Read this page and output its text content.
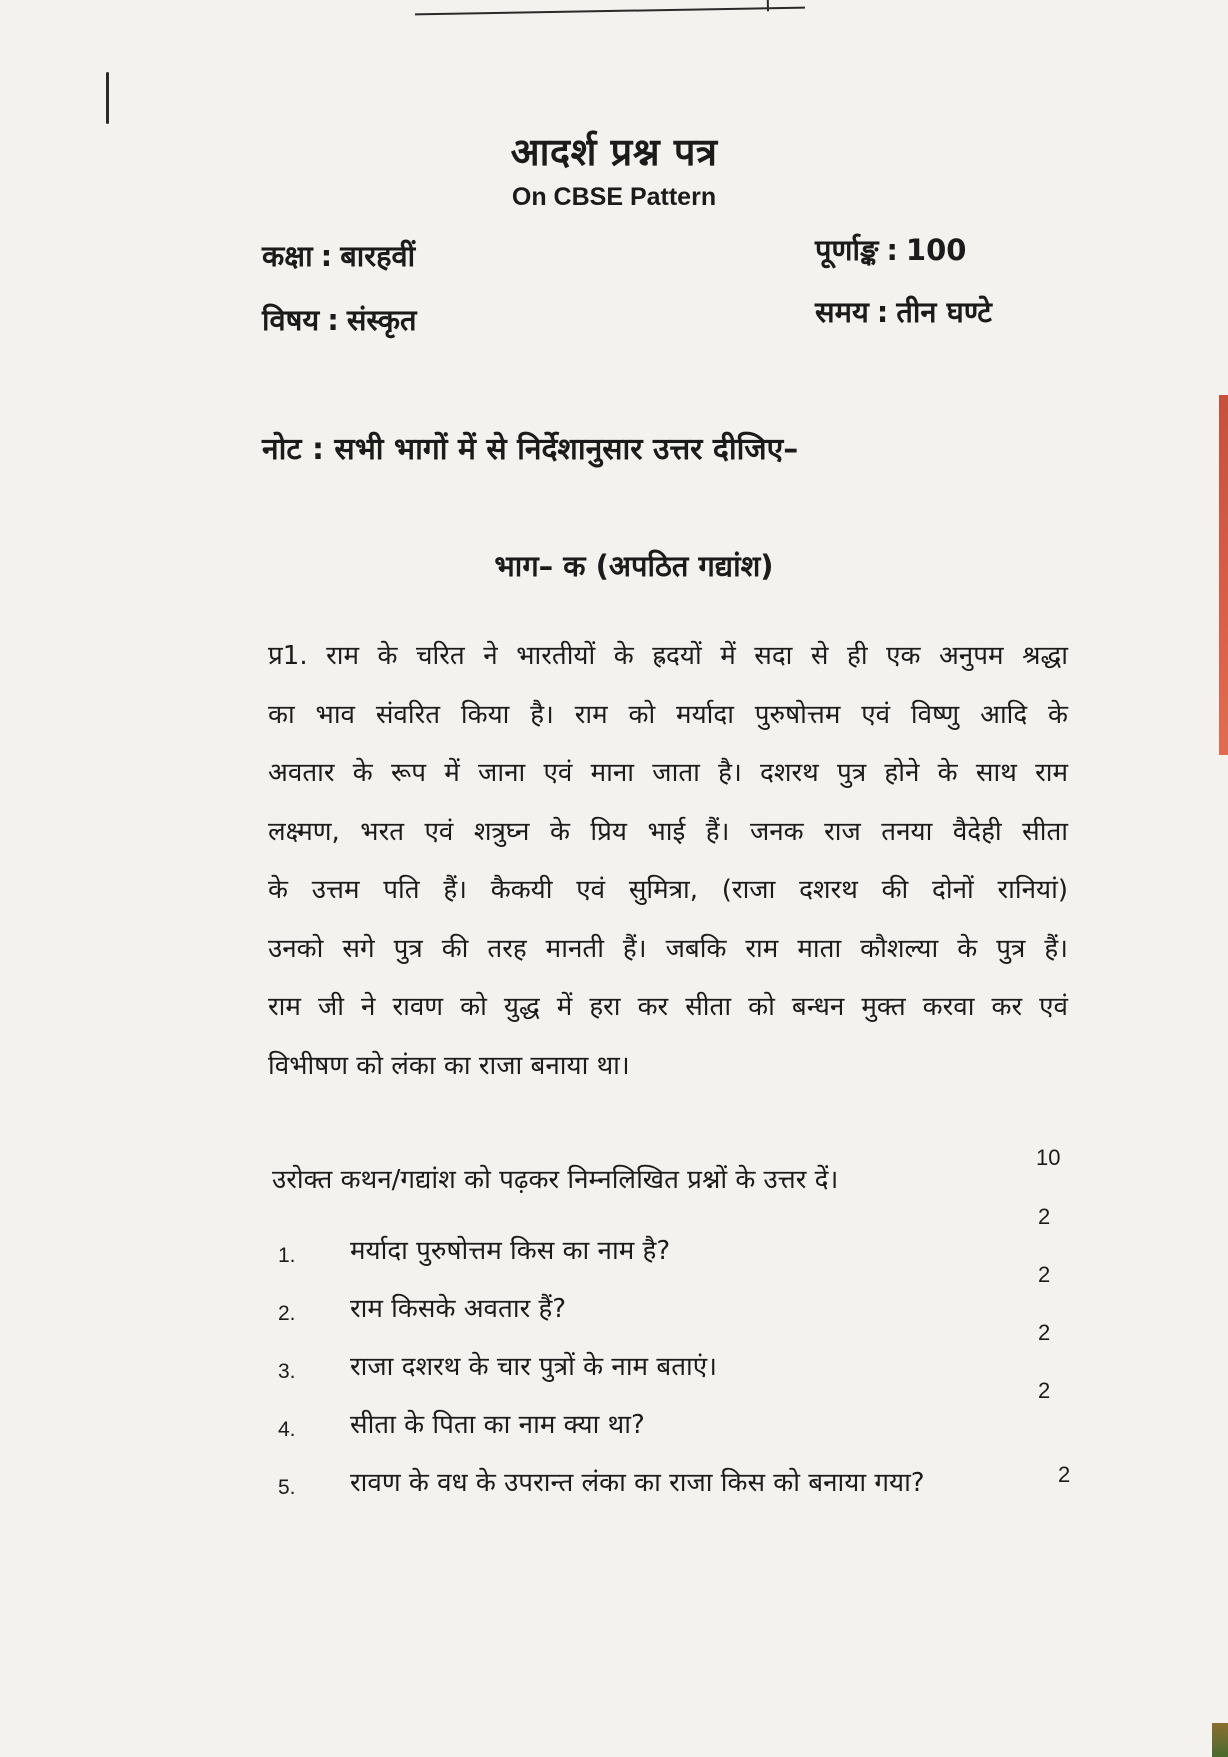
आदर्श प्रश्न पत्र
On CBSE Pattern
कक्षा : बारहवीं
विषय : संस्कृत
पूर्णाङ्क : 100
समय : तीन घण्टे
नोट : सभी भागों में से निर्देशानुसार उत्तर दीजिए–
भाग– क (अपठित गद्यांश)
प्र1. राम के चरित ने भारतीयों के ह्रदयों में सदा से ही एक अनुपम श्रद्धा
का भाव संवरित किया है। राम को मर्यादा पुरुषोत्तम एवं विष्णु आदि के
अवतार के रूप में जाना एवं माना जाता है। दशरथ पुत्र होने के साथ राम
लक्ष्मण, भरत एवं शत्रुघ्न के प्रिय भाई हैं। जनक राज तनया वैदेही सीता
के उत्तम पति हैं। कैकयी एवं सुमित्रा, (राजा दशरथ की दोनों रानियां)
उनको सगे पुत्र की तरह मानती हैं। जबकि राम माता कौशल्या के पुत्र हैं।
राम जी ने रावण को युद्ध में हरा कर सीता को बन्धन मुक्त करवा कर एवं
विभीषण को लंका का राजा बनाया था।
उरोक्त कथन/गद्यांश को पढ़कर निम्नलिखित प्रश्नों के उत्तर दें।
10
1. मर्यादा पुरुषोत्तम किस का नाम है?
2
2. राम किसके अवतार हैं?
2
3. राजा दशरथ के चार पुत्रों के नाम बताएं।
2
4. सीता के पिता का नाम क्या था?
2
5. रावण के वध के उपरान्त लंका का राजा किस को बनाया गया?	2
